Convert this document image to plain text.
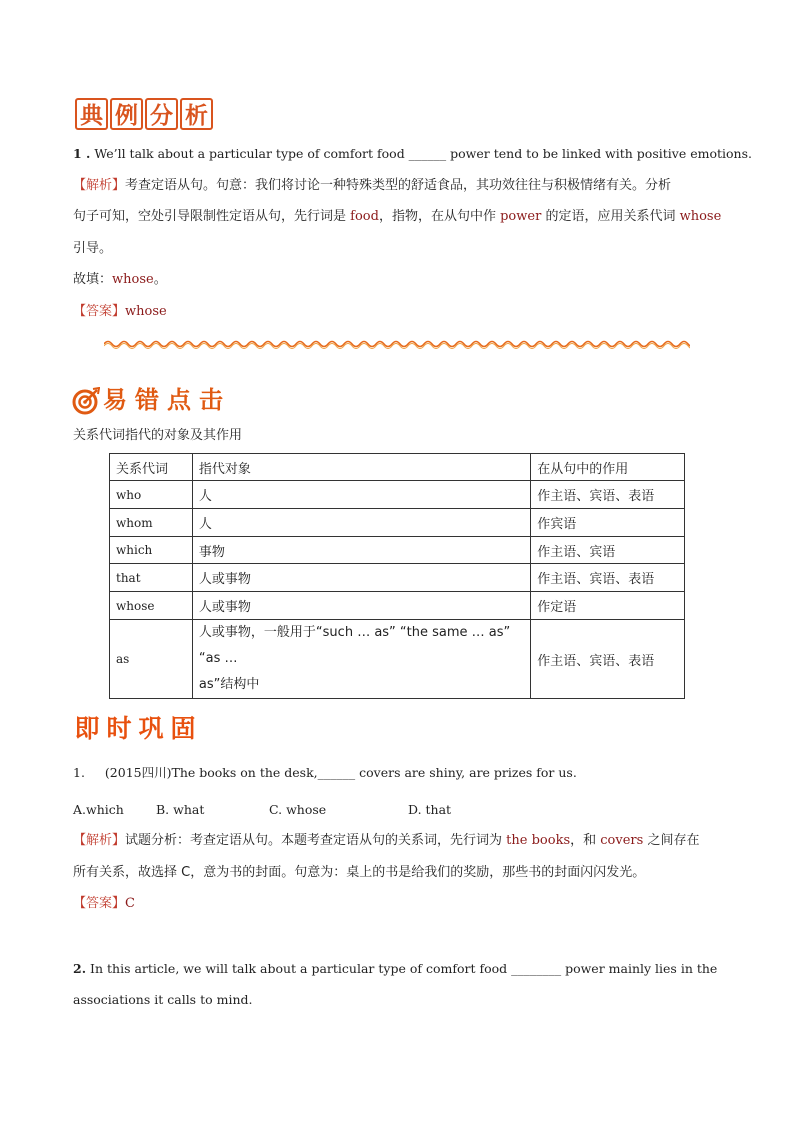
典 例 分 析
1 . We’ll talk about a particular type of comfort food ______ power tend to be linked with positive emotions.
【解析】考查定语从句。句意：我们将讨论一种特殊类型的舒适食品，其功效往往与积极情绪有关。分析
句子可知，空处引导限制性定语从句，先行词是 food，指物，在从句中作 power 的定语，应用关系代词 whose
引导。
故填：whose。
【答案】whose
易 错 点 击
关系代词指代的对象及其作用
关系代词	指代对象	在从句中的作用
who	人	作主语、宾语、表语
whom	人	作宾语
which	事物	作主语、宾语
that	人或事物	作主语、宾语、表语
whose	人或事物	作定语
as	人或事物，一般用于“such … as” “the same … as” “as …
as”结构中	作主语、宾语、表语
即 时 巩 固
1. (2015四川)The books on the desk,______ covers are shiny, are prizes for us.
A.which	B. what	C. whose	D. that
【解析】试题分析：考查定语从句。本题考查定语从句的关系词，先行词为 the books，和 covers 之间存在
所有关系，故选择 C，意为书的封面。句意为：桌上的书是给我们的奖励，那些书的封面闪闪发光。
【答案】C
2. In this article, we will talk about a particular type of comfort food ________ power mainly lies in the
associations it calls to mind.
